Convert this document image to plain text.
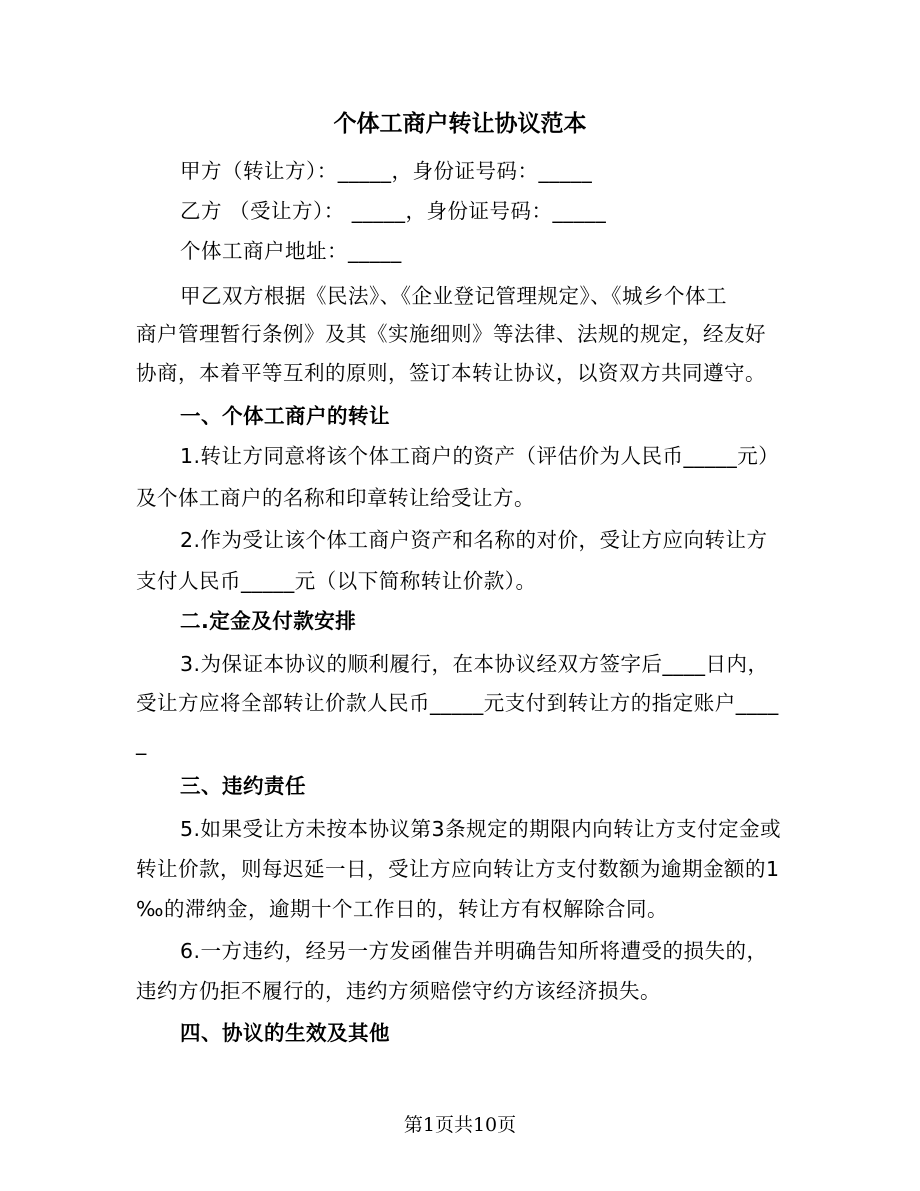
个体工商户转让协议范本
甲方（转让方）：_____，身份证号码：_____
乙方 （受让方）： _____，身份证号码：_____
个体工商户地址：_____
甲乙双方根据《民法》、《企业登记管理规定》、《城乡个体工
商户管理暂行条例》及其《实施细则》等法律、法规的规定，经友好
协商，本着平等互利的原则，签订本转让协议，以资双方共同遵守。
一、个体工商户的转让
1.转让方同意将该个体工商户的资产（评估价为人民币_____元）
及个体工商户的名称和印章转让给受让方。
2.作为受让该个体工商户资产和名称的对价，受让方应向转让方
支付人民币_____元（以下简称转让价款）。
二.定金及付款安排
3.为保证本协议的顺利履行，在本协议经双方签字后____日内，
受让方应将全部转让价款人民币_____元支付到转让方的指定账户____
_
三、违约责任
5.如果受让方未按本协议第3条规定的期限内向转让方支付定金或
转让价款，则每迟延一日，受让方应向转让方支付数额为逾期金额的1
‰的滞纳金，逾期十个工作日的，转让方有权解除合同。
6.一方违约，经另一方发函催告并明确告知所将遭受的损失的，
违约方仍拒不履行的，违约方须赔偿守约方该经济损失。
四、协议的生效及其他
第1页共10页
